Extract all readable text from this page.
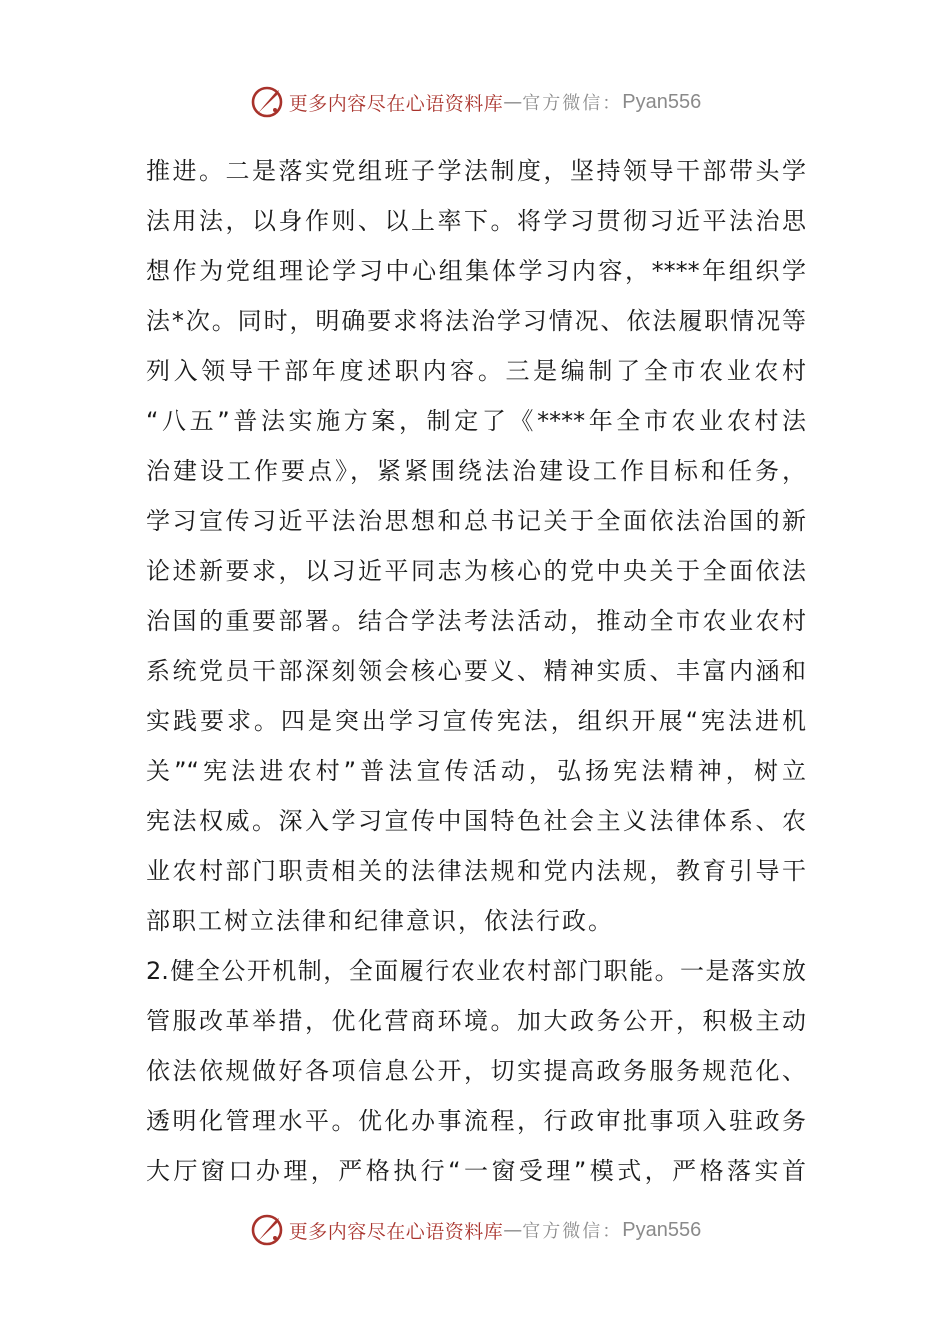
更多内容尽在心语资料库 — 官方微信： Pyan556
推进。二是落实党组班子学法制度，坚持领导干部带头学
法用法，以身作则、以上率下。将学习贯彻习近平法治思
想作为党组理论学习中心组集体学习内容，****年组织学
法*次。同时，明确要求将法治学习情况、依法履职情况等
列入领导干部年度述职内容。三是编制了全市农业农村
“八五”普法实施方案，制定了《****年全市农业农村法
治建设工作要点》，紧紧围绕法治建设工作目标和任务，
学习宣传习近平法治思想和总书记关于全面依法治国的新
论述新要求，以习近平同志为核心的党中央关于全面依法
治国的重要部署。结合学法考法活动，推动全市农业农村
系统党员干部深刻领会核心要义、精神实质、丰富内涵和
实践要求。四是突出学习宣传宪法，组织开展“宪法进机
关”“宪法进农村”普法宣传活动，弘扬宪法精神，树立
宪法权威。深入学习宣传中国特色社会主义法律体系、农
业农村部门职责相关的法律法规和党内法规，教育引导干
部职工树立法律和纪律意识，依法行政。
2.健全公开机制，全面履行农业农村部门职能。一是落实放
管服改革举措，优化营商环境。加大政务公开，积极主动
依法依规做好各项信息公开，切实提高政务服务规范化、
透明化管理水平。优化办事流程，行政审批事项入驻政务
大厅窗口办理，严格执行“一窗受理”模式，严格落实首
更多内容尽在心语资料库 — 官方微信： Pyan556
